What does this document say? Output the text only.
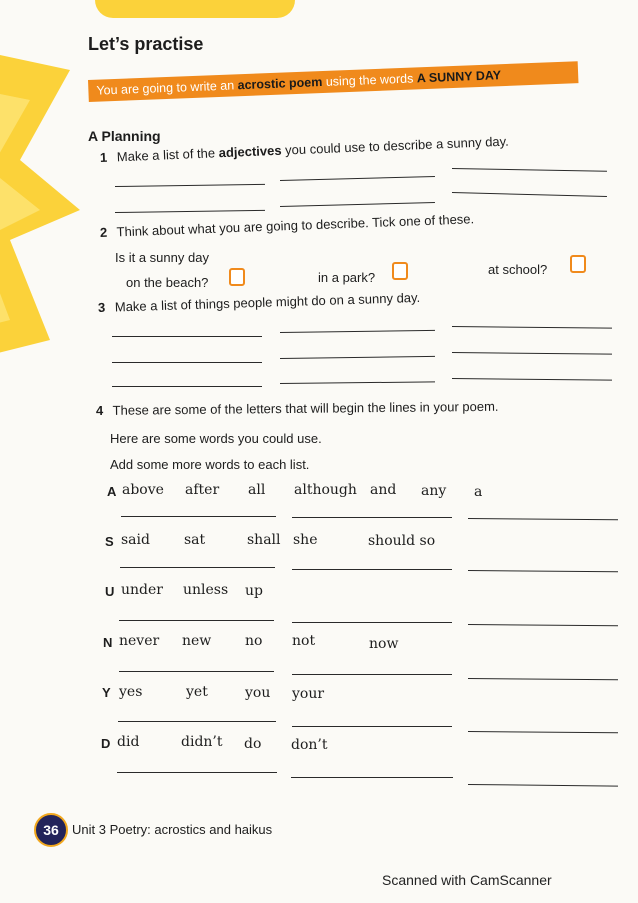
Let’s practise
You are going to write an acrostic poem using the words A SUNNY DAY
A Planning
1 Make a list of the adjectives you could use to describe a sunny day.
2 Think about what you are going to describe. Tick one of these.
Is it a sunny day
on the beach?	in a park?
at school?
3 Make a list of things people might do on a sunny day.
4 These are some of the letters that will begin the lines in your poem.
Here are some words you could use.
Add some more words to each list.
A above after all although and any a
S said sat	shall she	should so
U under unless up
N never new no not	now
Y yes	yet	you your
D did	didn’t do don’t
36	Unit 3 Poetry: acrostics and haikus
Scanned with CamScanner
